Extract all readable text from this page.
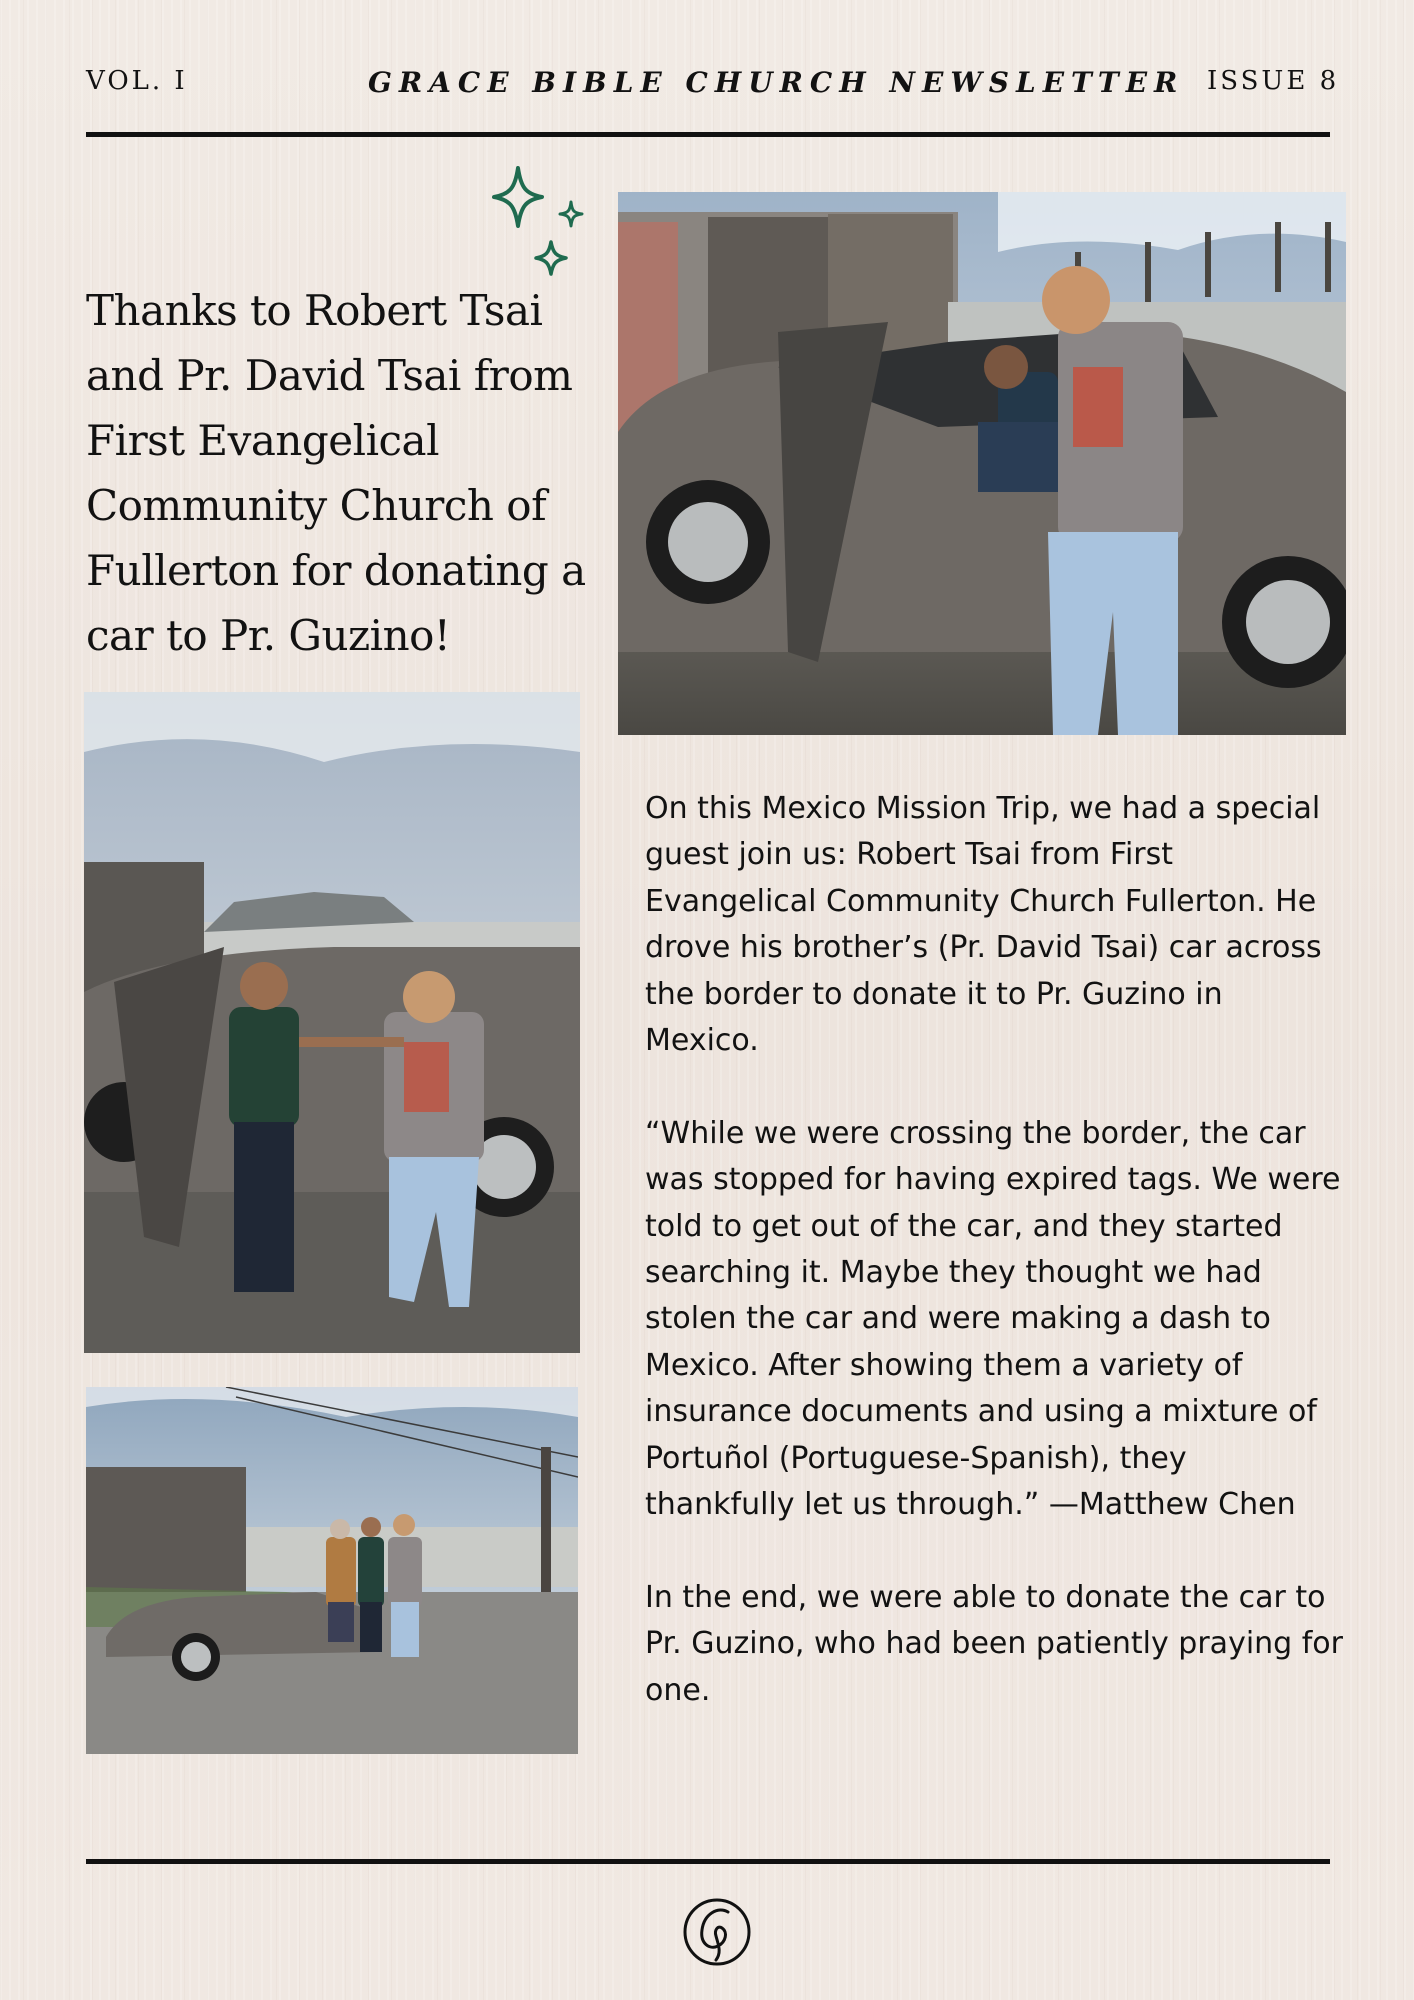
VOL. I	GRACE BIBLE CHURCH NEWSLETTER ISSUE 8
Thanks to Robert Tsai and Pr. David Tsai from First Evangelical Community Church of Fullerton for donating a car to Pr. Guzino!

On this Mexico Mission Trip, we had a special guest join us: Robert Tsai from First Evangelical Community Church Fullerton. He drove his brother’s (Pr. David Tsai) car across the border to donate it to Pr. Guzino in Mexico.

“While we were crossing the border, the car was stopped for having expired tags. We were told to get out of the car, and they started searching it. Maybe they thought we had stolen the car and were making a dash to Mexico. After showing them a variety of insurance documents and using a mixture of Portuñol (Portuguese-Spanish), they thankfully let us through.” —Matthew Chen

In the end, we were able to donate the car to Pr. Guzino, who had been patiently praying for one.
